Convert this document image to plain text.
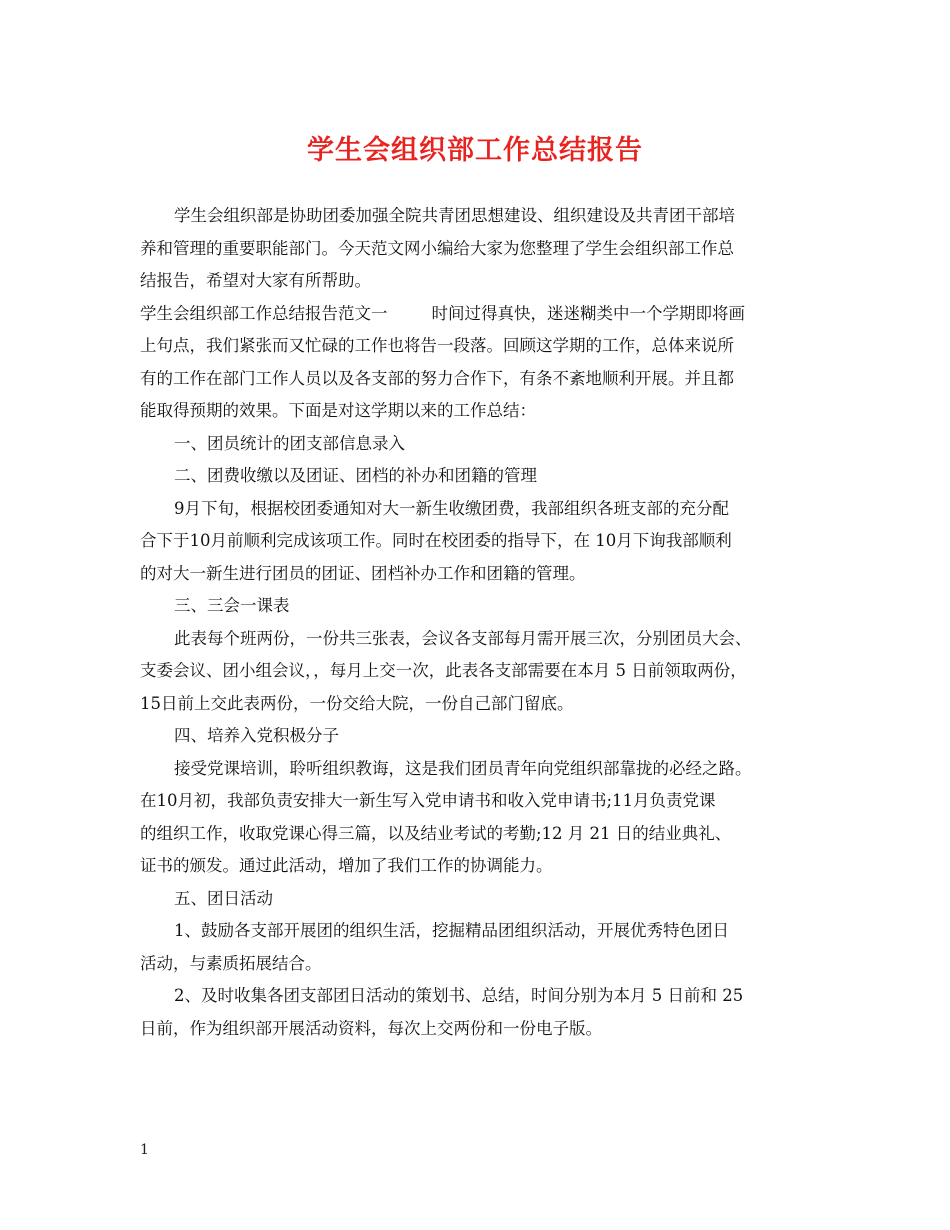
学生会组织部工作总结报告
学生会组织部是协助团委加强全院共青团思想建设、组织建设及共青团干部培
养和管理的重要职能部门。今天范文网小编给大家为您整理了学生会组织部工作总
结报告，希望对大家有所帮助。
学生会组织部工作总结报告范文一	时间过得真快，迷迷糊类中一个学期即将画
上句点，我们紧张而又忙碌的工作也将告一段落。回顾这学期的工作，总体来说所
有的工作在部门工作人员以及各支部的努力合作下，有条不紊地顺利开展。并且都
能取得预期的效果。下面是对这学期以来的工作总结：
一、团员统计的团支部信息录入
二、团费收缴以及团证、团档的补办和团籍的管理
9月下旬，根据校团委通知对大一新生收缴团费，我部组织各班支部的充分配
合下于10月前顺利完成该项工作。同时在校团委的指导下，在 10月下询我部顺利
的对大一新生进行团员的团证、团档补办工作和团籍的管理。
三、三会一课表
此表每个班两份，一份共三张表，会议各支部每月需开展三次，分别团员大会、
支委会议、团小组会议，，每月上交一次，此表各支部需要在本月 5 日前领取两份，
15日前上交此表两份，一份交给大院，一份自己部门留底。
四、培养入党积极分子
接受党课培训，聆听组织教诲，这是我们团员青年向党组织部靠拢的必经之路。
在10月初，我部负责安排大一新生写入党申请书和收入党申请书;11月负责党课
的组织工作，收取党课心得三篇，以及结业考试的考勤;12 月 21 日的结业典礼、
证书的颁发。通过此活动，增加了我们工作的协调能力。
五、团日活动
1、鼓励各支部开展团的组织生活，挖掘精品团组织活动，开展优秀特色团日
活动，与素质拓展结合。
2、及时收集各团支部团日活动的策划书、总结，时间分别为本月 5 日前和 25
日前，作为组织部开展活动资料，每次上交两份和一份电子版。
1
